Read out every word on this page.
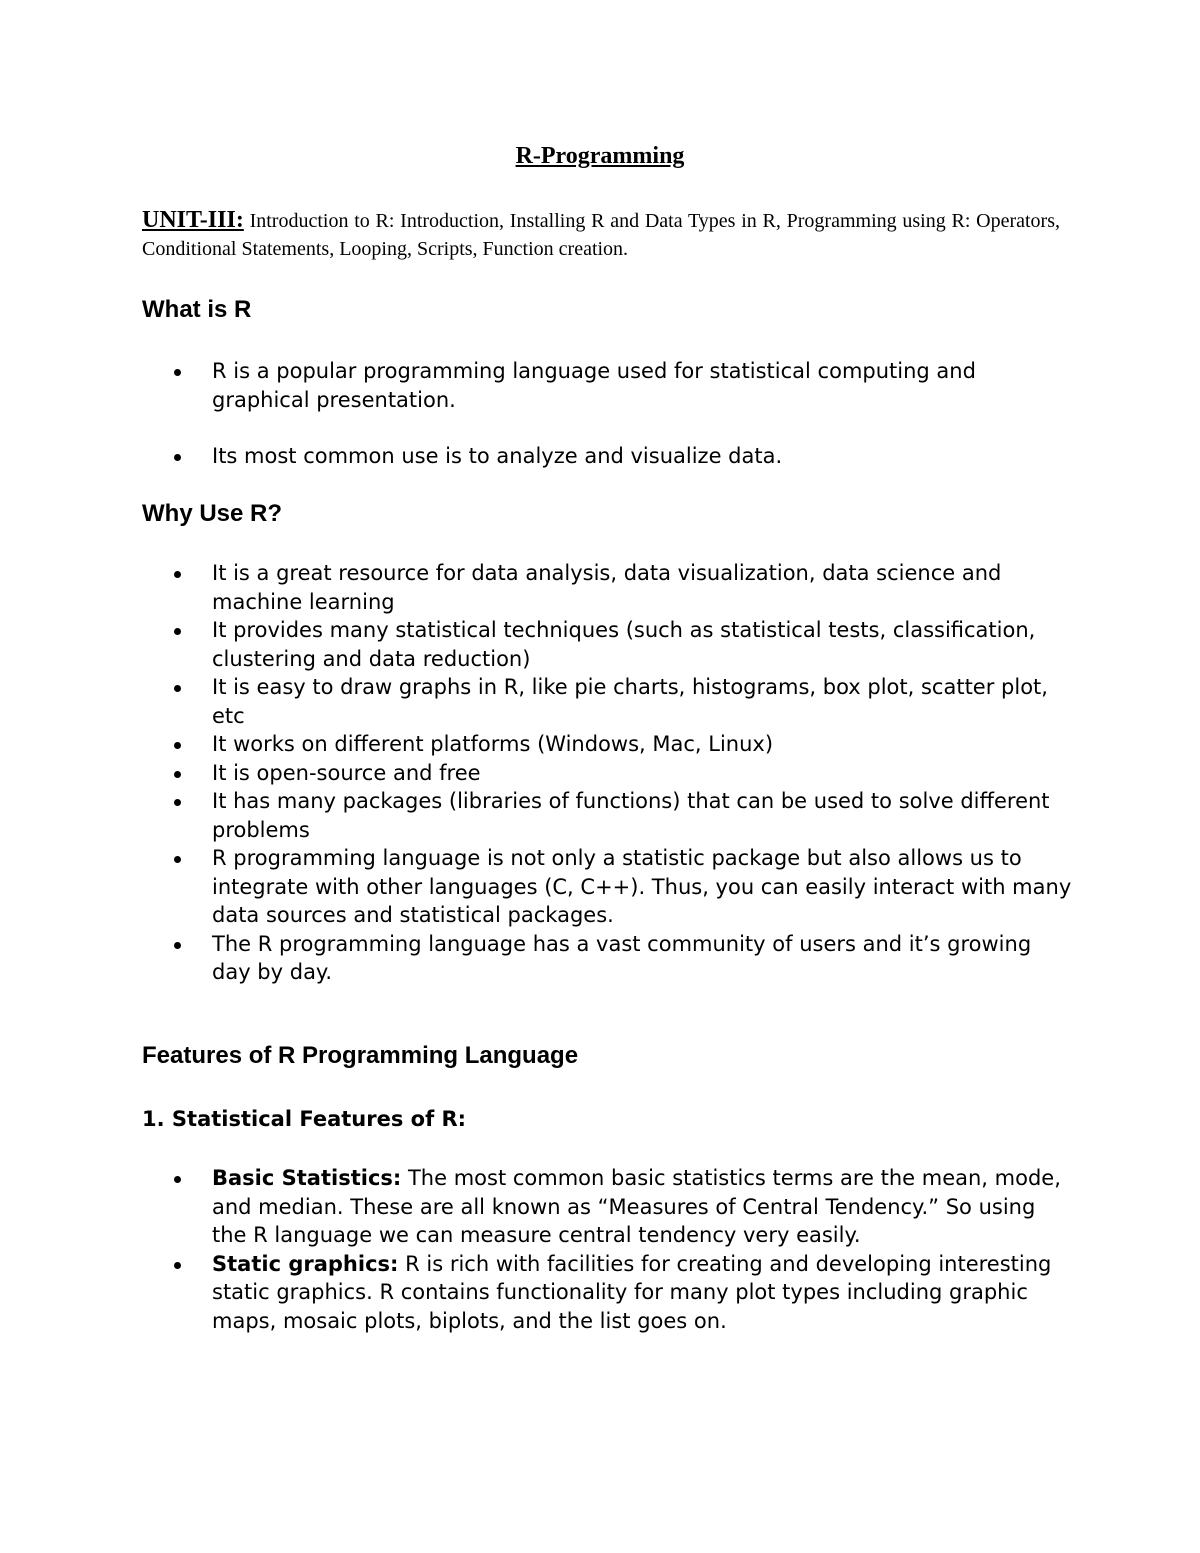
R-Programming
UNIT-III: Introduction to R: Introduction, Installing R and Data Types in R, Programming using R: Operators, Conditional Statements, Looping, Scripts, Function creation.
What is R
R is a popular programming language used for statistical computing and graphical presentation.
Its most common use is to analyze and visualize data.
Why Use R?
It is a great resource for data analysis, data visualization, data science and machine learning
It provides many statistical techniques (such as statistical tests, classification, clustering and data reduction)
It is easy to draw graphs in R, like pie charts, histograms, box plot, scatter plot, etc
It works on different platforms (Windows, Mac, Linux)
It is open-source and free
It has many packages (libraries of functions) that can be used to solve different problems
R programming language is not only a statistic package but also allows us to integrate with other languages (C, C++). Thus, you can easily interact with many data sources and statistical packages.
The R programming language has a vast community of users and it’s growing day by day.
Features of R Programming Language
1. Statistical Features of R:
Basic Statistics: The most common basic statistics terms are the mean, mode, and median. These are all known as “Measures of Central Tendency.” So using the R language we can measure central tendency very easily.
Static graphics: R is rich with facilities for creating and developing interesting static graphics. R contains functionality for many plot types including graphic maps, mosaic plots, biplots, and the list goes on.
